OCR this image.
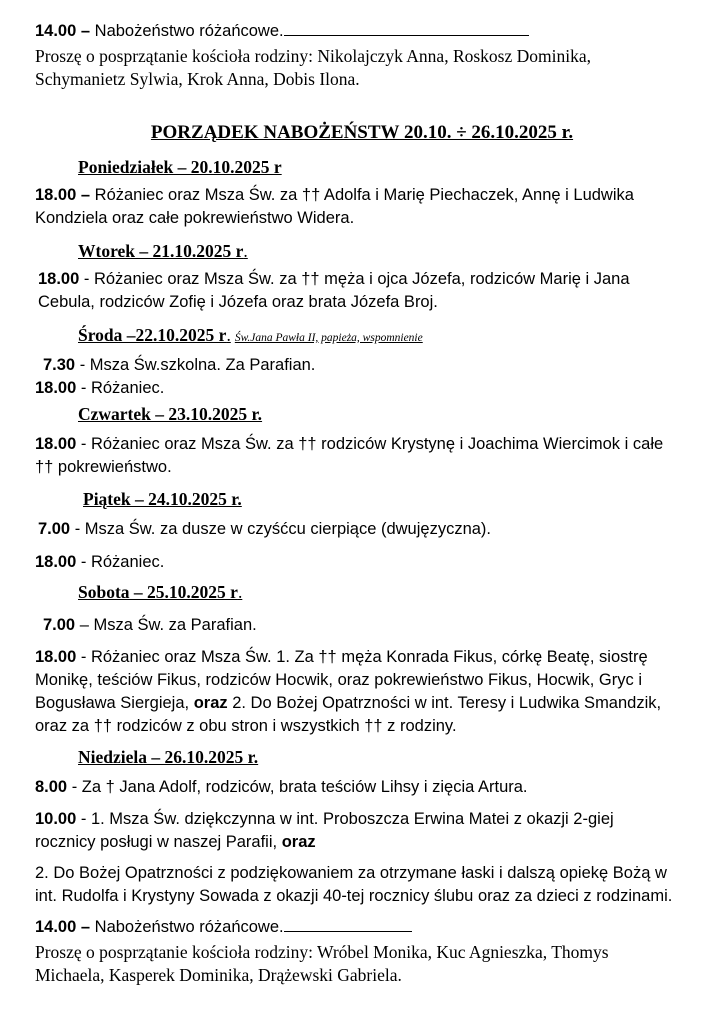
14.00 – Nabożeństwo różańcowe.
Proszę o posprzątanie kościoła rodziny: Nikolajczyk Anna, Roskosz Dominika,
Schymanietz Sylwia, Krok Anna, Dobis Ilona.
PORZĄDEK NABOŻEŃSTW 20.10. ÷ 26.10.2025 r.
Poniedziałek – 20.10.2025 r
18.00 – Różaniec oraz Msza Św. za †† Adolfa i Marię Piechaczek, Annę i Ludwika
Kondziela oraz całe pokrewieństwo Widera.
Wtorek – 21.10.2025 r.
18.00 - Różaniec oraz Msza Św. za †† męża i ojca Józefa, rodziców Marię i Jana
Cebula, rodziców Zofię i Józefa oraz brata Józefa Broj.
Środa –22.10.2025 r. Św.Jana Pawła II, papieża, wspomnienie
7.30 - Msza Św.szkolna. Za Parafian.
18.00 - Różaniec.
Czwartek – 23.10.2025 r.
18.00 - Różaniec oraz Msza Św. za †† rodziców Krystynę i Joachima Wiercimok i całe
†† pokrewieństwo.
Piątek – 24.10.2025 r.
7.00 - Msza Św. za dusze w czyśćcu cierpiące (dwujęzyczna).
18.00 - Różaniec.
Sobota – 25.10.2025 r.
7.00 – Msza Św. za Parafian.
18.00 - Różaniec oraz Msza Św. 1. Za †† męża Konrada Fikus, córkę Beatę, siostrę
Monikę, teściów Fikus, rodziców Hocwik, oraz pokrewieństwo Fikus, Hocwik, Gryc i
Bogusława Siergieja, oraz 2. Do Bożej Opatrzności w int. Teresy i Ludwika Smandzik,
oraz za †† rodziców z obu stron i wszystkich †† z rodziny.
Niedziela – 26.10.2025 r.
8.00 - Za † Jana Adolf, rodziców, brata teściów Lihsy i zięcia Artura.
10.00 - 1. Msza Św. dziękczynna w int. Proboszcza Erwina Matei z okazji 2-giej
rocznicy posługi w naszej Parafii, oraz
2. Do Bożej Opatrzności z podziękowaniem za otrzymane łaski i dalszą opiekę Bożą w
int. Rudolfa i Krystyny Sowada z okazji 40-tej rocznicy ślubu oraz za dzieci z rodzinami.
14.00 – Nabożeństwo różańcowe.
Proszę o posprzątanie kościoła rodziny: Wróbel Monika, Kuc Agnieszka, Thomys
Michaela, Kasperek Dominika, Drążewski Gabriela.
